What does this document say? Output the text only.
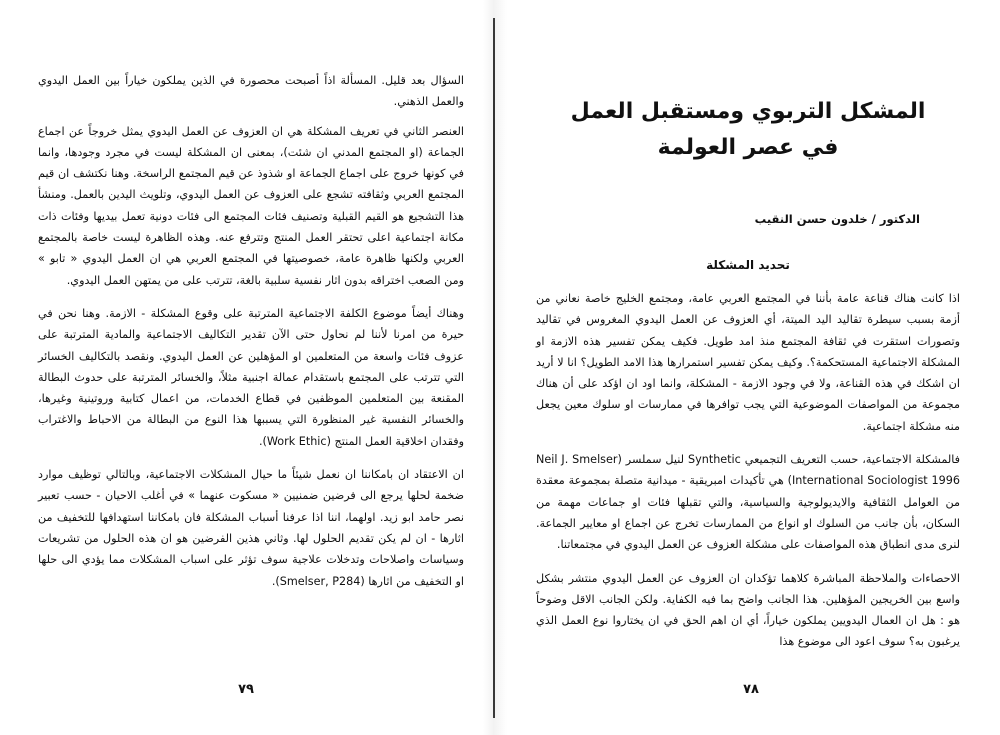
السؤال بعد قليل. المسألة اذاً أصبحت محصورة في الذين يملكون خياراً بين العمل اليدوي والعمل الذهني.

العنصر الثاني في تعريف المشكلة هي ان العزوف عن العمل اليدوي يمثل خروجاً عن اجماع الجماعة (او المجتمع المدني ان شئت)، بمعنى ان المشكلة ليست في مجرد وجودها، وانما في كونها خروج على اجماع الجماعة او شذوذ عن قيم المجتمع الراسخة. وهنا نكتشف ان قيم المجتمع العربي وثقافته تشجع على العزوف عن العمل اليدوي، وتلويث اليدين بالعمل. ومنشأ هذا التشجيع هو القيم القبلية وتصنيف فئات المجتمع الى فئات دونية تعمل بيديها وفئات ذات مكانة اجتماعية اعلى تحتقر العمل المنتج وتترفع عنه. وهذه الظاهرة ليست خاصة بالمجتمع العربي ولكنها ظاهرة عامة، خصوصيتها في المجتمع العربي هي ان العمل اليدوي « تابو » ومن الصعب اختراقه بدون اثار نفسية سلبية بالغة، تترتب على من يمتهن العمل اليدوي.

وهناك أيضاً موضوع الكلفة الاجتماعية المترتبة على وقوع المشكلة - الازمة. وهنا نحن في حيرة من امرنا لأننا لم نحاول حتى الآن تقدير التكاليف الاجتماعية والمادية المترتبة على عزوف فئات واسعة من المتعلمين او المؤهلين عن العمل اليدوي. ونقصد بالتكاليف الخسائر التي تترتب على المجتمع باستقدام عمالة اجنبية مثلاً، والخسائر المترتبة على حدوث البطالة المقنعة بين المتعلمين الموظفين في قطاع الخدمات، من اعمال كتابية وروتينية وغيرها، والخسائر النفسية غير المنظورة التي يسببها هذا النوع من البطالة من الاحباط والاغتراب وفقدان اخلاقية العمل المنتج (Work Ethic).

ان الاعتقاد ان بامكاننا ان نعمل شيئاً ما حيال المشكلات الاجتماعية، وبالتالي توظيف موارد ضخمة لحلها يرجع الى فرضين ضمنيين « مسكوت عنهما » في أغلب الاحيان - حسب تعبير نصر حامد ابو زيد. اولهما، اننا اذا عرفنا أسباب المشكلة فان بامكاننا استهدافها للتخفيف من اثارها - ان لم يكن تقديم الحلول لها. وثاني هذين الفرضين هو ان هذه الحلول من تشريعات وسياسات واصلاحات وتدخلات علاجية سوف تؤثر على اسباب المشكلات مما يؤدي الى حلها او التخفيف من اثارها (Smelser, P284).

٧٩
المشكل التربوي ومستقبل العمل
في عصر العولمة
الدكتور / خلدون حسن النقيب
تحديد المشكلة

اذا كانت هناك قناعة عامة بأننا في المجتمع العربي عامة، ومجتمع الخليج خاصة نعاني من أزمة بسبب سيطرة تقاليد اليد الميتة، أي العزوف عن العمل اليدوي المغروس في تقاليد وتصورات استقرت في ثقافة المجتمع منذ امد طويل. فكيف يمكن تفسير هذه الازمة او المشكلة الاجتماعية المستحكمة؟. وكيف يمكن تفسير استمرارها هذا الامد الطويل؟ انا لا أريد ان اشكك في هذه القناعة، ولا في وجود الازمة - المشكلة، وانما اود ان اؤكد على أن هناك مجموعة من المواصفات الموضوعية التي يجب توافرها في ممارسات او سلوك معين يجعل منه مشكلة اجتماعية.

فالمشكلة الاجتماعية، حسب التعريف التجميعي Synthetic لنيل سملسر (Neil J. Smelser International Sociologist 1996) هي تأكيدات امبريقية - ميدانية متصلة بمجموعة معقدة من العوامل الثقافية والايديولوجية والسياسية، والتي تقبلها فئات او جماعات مهمة من السكان، بأن جانب من السلوك او انواع من الممارسات تخرج عن اجماع او معايير الجماعة. لنرى مدى انطباق هذه المواصفات على مشكلة العزوف عن العمل اليدوي في مجتمعاتنا.

الاحصاءات والملاحظة المباشرة كلاهما تؤكدان ان العزوف عن العمل اليدوي منتشر بشكل واسع بين الخريجين المؤهلين. هذا الجانب واضح بما فيه الكفاية. ولكن الجانب الاقل وضوحاً هو : هل ان العمال اليدويين يملكون خياراً، أي ان اهم الحق في ان يختاروا نوع العمل الذي يرغبون به؟ سوف اعود الى موضوع هذا

٧٨
